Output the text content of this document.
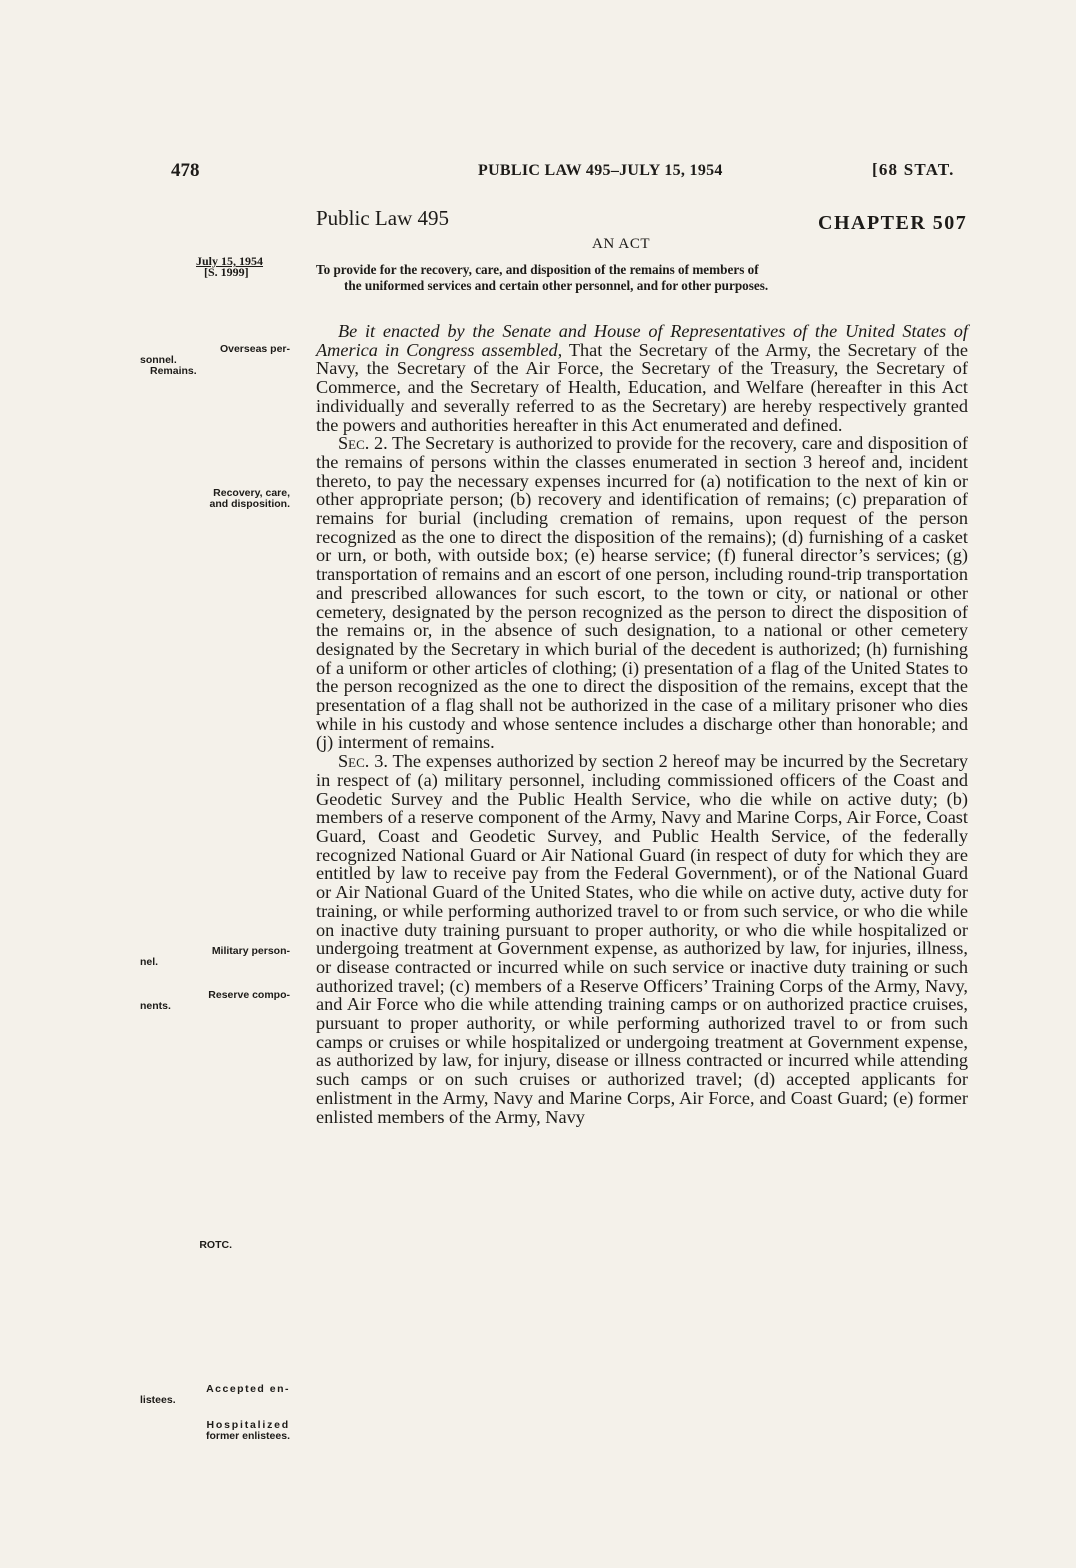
478	PUBLIC LAW 495–JULY 15, 1954	[68 STAT.
Public Law 495	CHAPTER 507
AN ACT
July 15, 1954
[S. 1999]	To provide for the recovery, care, and disposition of the remains of members of
the uniformed services and certain other personnel, and for other purposes.
Overseas per-
sonnel.
Remains.
Recovery, care,
and disposition.
Military person-
nel.
Reserve compo-
nents.
ROTC.
Accepted en-
listees.
Hospitalized
former enlistees.

Be it enacted by the Senate and House of Representatives of the United States of America in Congress assembled, That the Secretary of the Army, the Secretary of the Navy, the Secretary of the Air Force, the Secretary of the Treasury, the Secretary of Commerce, and the Secretary of Health, Education, and Welfare (hereafter in this Act individually and severally referred to as the Secretary) are hereby respectively granted the powers and authorities hereafter in this Act enumerated and defined.

Sec. 2. The Secretary is authorized to provide for the recovery, care and disposition of the remains of persons within the classes enumerated in section 3 hereof and, incident thereto, to pay the necessary expenses incurred for (a) notification to the next of kin or other appropriate person; (b) recovery and identification of remains; (c) preparation of remains for burial (including cremation of remains, upon request of the person recognized as the one to direct the disposition of the remains); (d) furnishing of a casket or urn, or both, with outside box; (e) hearse service; (f) funeral director’s services; (g) transportation of remains and an escort of one person, including round-trip transportation and prescribed allowances for such escort, to the town or city, or national or other cemetery, designated by the person recognized as the person to direct the disposition of the remains or, in the absence of such designation, to a national or other cemetery designated by the Secretary in which burial of the decedent is authorized; (h) furnishing of a uniform or other articles of clothing; (i) presentation of a flag of the United States to the person recognized as the one to direct the disposition of the remains, except that the presentation of a flag shall not be authorized in the case of a military prisoner who dies while in his custody and whose sentence includes a discharge other than honorable; and (j) interment of remains.

Sec. 3. The expenses authorized by section 2 hereof may be incurred by the Secretary in respect of (a) military personnel, including commissioned officers of the Coast and Geodetic Survey and the Public Health Service, who die while on active duty; (b) members of a reserve component of the Army, Navy and Marine Corps, Air Force, Coast Guard, Coast and Geodetic Survey, and Public Health Service, of the federally recognized National Guard or Air National Guard (in respect of duty for which they are entitled by law to receive pay from the Federal Government), or of the National Guard or Air National Guard of the United States, who die while on active duty, active duty for training, or while performing authorized travel to or from such service, or who die while on inactive duty training pursuant to proper authority, or who die while hospitalized or undergoing treatment at Government expense, as authorized by law, for injuries, illness, or disease contracted or incurred while on such service or inactive duty training or such authorized travel; (c) members of a Reserve Officers’ Training Corps of the Army, Navy, and Air Force who die while attending training camps or on authorized practice cruises, pursuant to proper authority, or while performing authorized travel to or from such camps or cruises or while hospitalized or undergoing treatment at Government expense, as authorized by law, for injury, disease or illness contracted or incurred while attending such camps or on such cruises or authorized travel; (d) accepted applicants for enlistment in the Army, Navy and Marine Corps, Air Force, and Coast Guard; (e) former enlisted members of the Army, Navy
